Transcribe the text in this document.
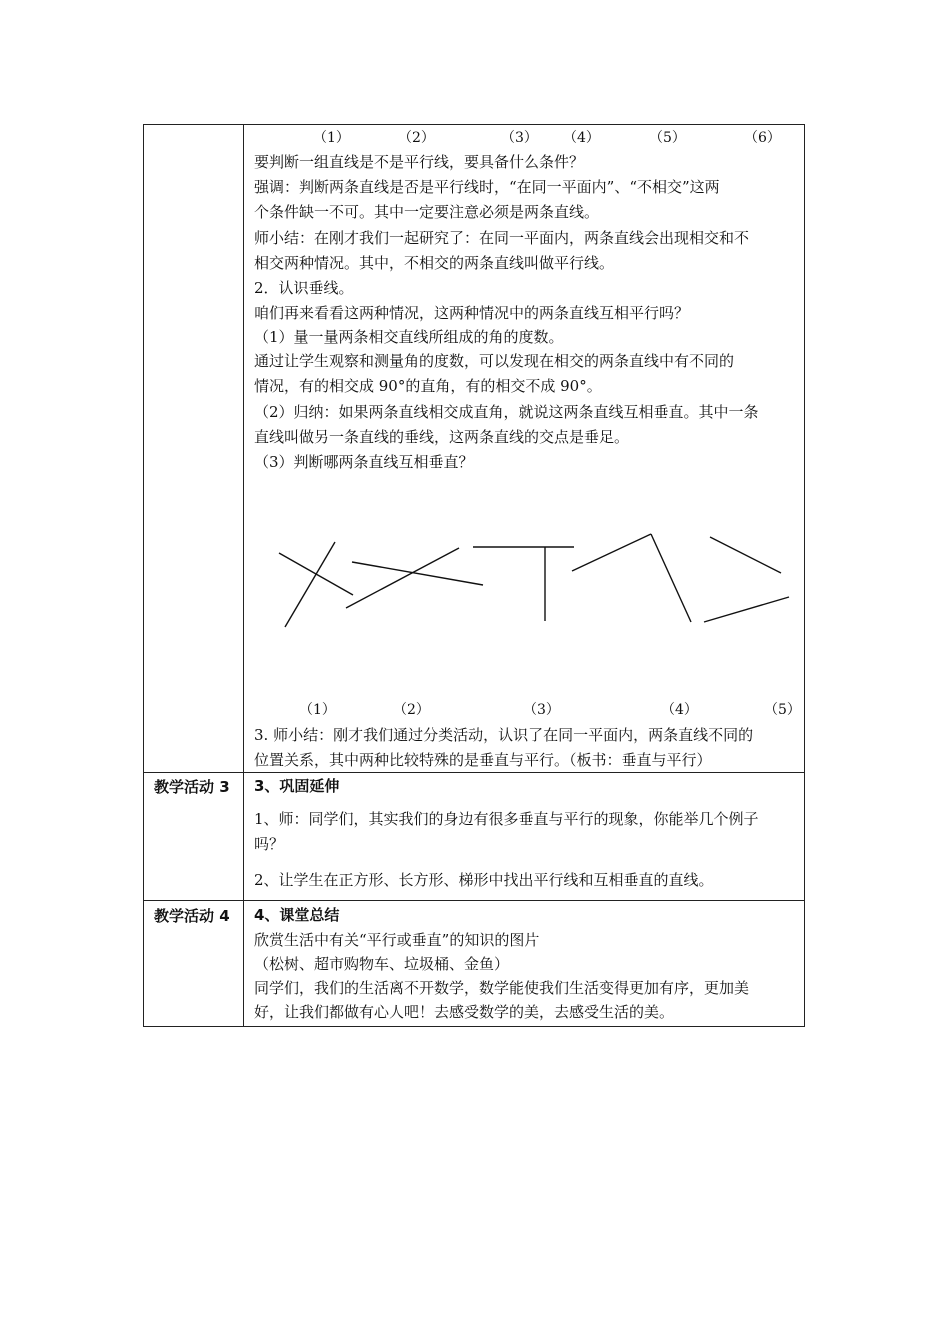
（1）	（2）	（3） （4）	（5）	（6）
要判断一组直线是不是平行线，要具备什么条件？
强调：判断两条直线是否是平行线时，“在同一平面内”、“不相交”这两
个条件缺一不可。其中一定要注意必须是两条直线。
师小结：在刚才我们一起研究了：在同一平面内，两条直线会出现相交和不
相交两种情况。其中，不相交的两条直线叫做平行线。
2．认识垂线。
咱们再来看看这两种情况，这两种情况中的两条直线互相平行吗？
（1）量一量两条相交直线所组成的角的度数。
通过让学生观察和测量角的度数，可以发现在相交的两条直线中有不同的
情况，有的相交成 90°的直角，有的相交不成 90°。
（2）归纳：如果两条直线相交成直角，就说这两条直线互相垂直。其中一条
直线叫做另一条直线的垂线，这两条直线的交点是垂足。
（3）判断哪两条直线互相垂直？
（1）	（2）	（3）	（4）	（5）
3. 师小结：刚才我们通过分类活动，认识了在同一平面内，两条直线不同的
位置关系，其中两种比较特殊的是垂直与平行。（板书：垂直与平行）
教学活动 3 3、巩固延伸
1、师：同学们，其实我们的身边有很多垂直与平行的现象，你能举几个例子
吗？
2、让学生在正方形、长方形、梯形中找出平行线和互相垂直的直线。
教学活动 4 4、课堂总结
欣赏生活中有关“平行或垂直”的知识的图片
（松树、超市购物车、垃圾桶、金鱼）
同学们，我们的生活离不开数学，数学能使我们生活变得更加有序，更加美
好，让我们都做有心人吧！去感受数学的美，去感受生活的美。
